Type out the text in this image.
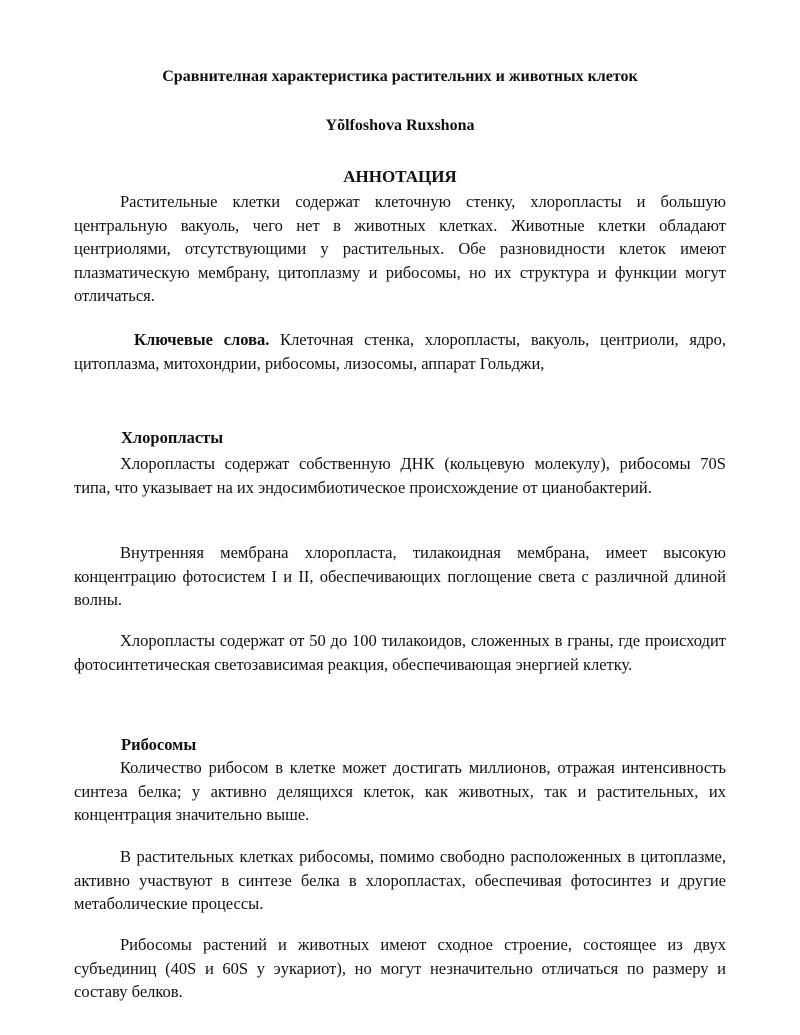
Сравнителная характеристика растительних и животных клеток

Yõlfoshova Ruxshona

АННОТАЦИЯ

Растительные клетки содержат клеточную стенку, хлоропласты и большую центральную вакуоль, чего нет в животных клетках. Животные клетки обладают центриолями, отсутствующими у растительных. Обе разновидности клеток имеют плазматическую мембрану, цитоплазму и рибосомы, но их структура и функции могут отличаться.

Ключевые слова. Клеточная стенка, хлоропласты, вакуоль, центриоли, ядро, цитоплазма, митохондрии, рибосомы, лизосомы, аппарат Гольджи,

Хлоропласты

Хлоропласты содержат собственную ДНК (кольцевую молекулу), рибосомы 70S типа, что указывает на их эндосимбиотическое происхождение от цианобактерий.

Внутренняя мембрана хлоропласта, тилакоидная мембрана, имеет высокую концентрацию фотосистем I и II, обеспечивающих поглощение света с различной длиной волны.

Хлоропласты содержат от 50 до 100 тилакоидов, сложенных в граны, где происходит фотосинтетическая светозависимая реакция, обеспечивающая энергией клетку.

Рибосомы

Количество рибосом в клетке может достигать миллионов, отражая интенсивность синтеза белка; у активно делящихся клеток, как животных, так и растительных, их концентрация значительно выше.

В растительных клетках рибосомы, помимо свободно расположенных в цитоплазме, активно участвуют в синтезе белка в хлоропластах, обеспечивая фотосинтез и другие метаболические процессы.

Рибосомы растений и животных имеют сходное строение, состоящее из двух субъединиц (40S и 60S у эукариот), но могут незначительно отличаться по размеру и составу белков.
